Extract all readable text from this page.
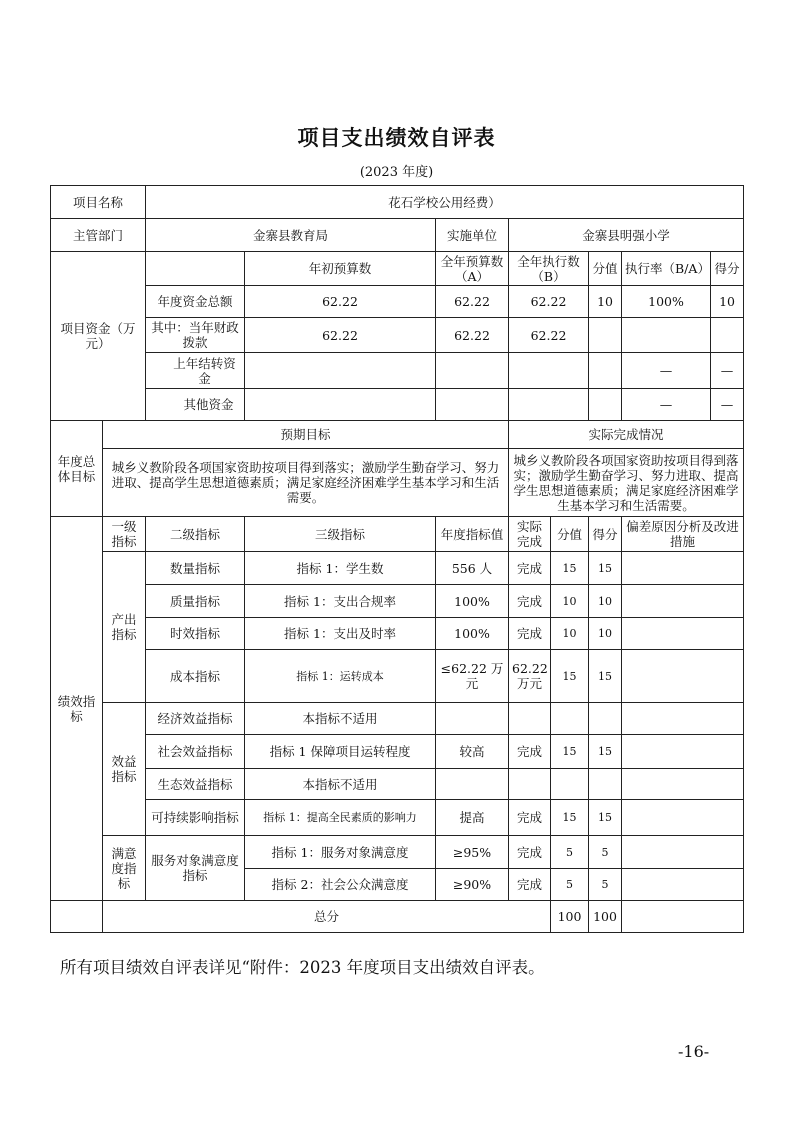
项目支出绩效自评表
(2023 年度)
项目名称		花石学校公用经费）							
主管部门		金寨县教育局		实施单位	金寨县明强小学				
项目资金（万元）			年初预算数	全年预算数（A）	全年执行数（B）		分值	执行率（B/A）	得分
		年度资金总额	62.22	62.22	62.22		10	100%	10
		其中：当年财政拨款	62.22	62.22	62.22				
		上年结转资金						—	—
		其他资金						—	—
年度总体目标	预期目标				实际完成情况				
	城乡义教阶段各项国家资助按项目得到落实；激励学生勤奋学习、努力进取、提高学生思想道德素质；满足家庭经济困难学生基本学习和生活需要。				城乡义教阶段各项国家资助按项目得到落实；激励学生勤奋学习、努力进取、提高学生思想道德素质；满足家庭经济困难学生基本学习和生活需要。				
绩效指标	一级指标	二级指标	三级指标	年度指标值	实际完成	分值	得分	偏差原因分析及改进措施	
	产出指标	数量指标	指标 1：学生数	556 人	完成	15	15		
		质量指标	指标 1：支出合规率	100%	完成	10	10		
		时效指标	指标 1：支出及时率	100%	完成	10	10		
		成本指标	指标 1：运转成本	≤62.22 万元	62.22 万元	15	15		
	效益指标	经济效益指标	本指标不适用						
		社会效益指标	指标 1 保障项目运转程度	较高	完成	15	15		
		生态效益指标	本指标不适用						
		可持续影响指标	指标 1：提高全民素质的影响力	提高	完成	15	15		
	满意度指标	服务对象满意度指标	指标 1：服务对象满意度	≥95%	完成	5	5		
			指标 2：社会公众满意度	≥90%	完成	5	5		
	总分					100	100		
所有项目绩效自评表详见“附件：2023 年度项目支出绩效自评表。
-16-
